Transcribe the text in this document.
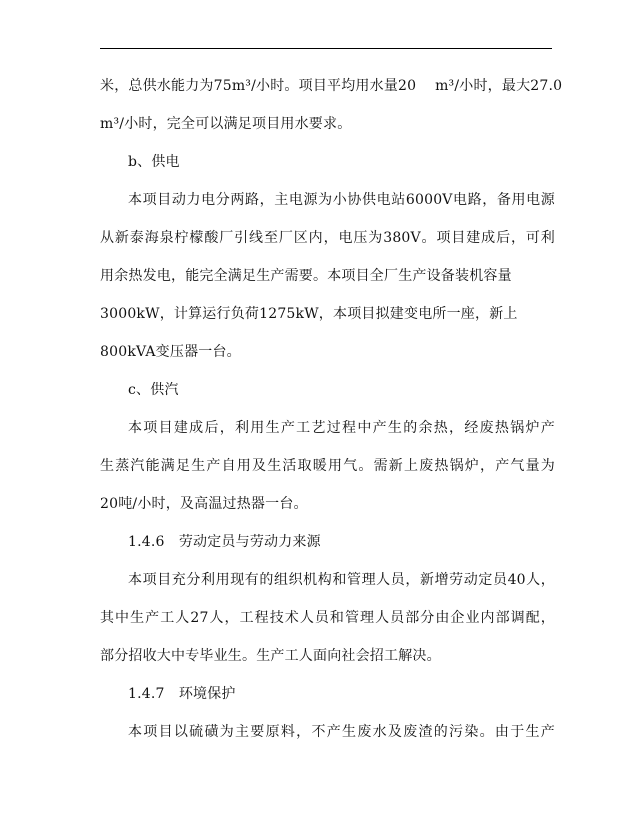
米，总供水能力为75m³/小时。项目平均用水量20　 m³/小时，最大27.0
m³/小时，完全可以满足项目用水要求。
b、供电
本项目动力电分两路，主电源为小协供电站6000V电路，备用电源
从新泰海泉柠檬酸厂引线至厂区内，电压为380V。项目建成后，可利
用余热发电，能完全满足生产需要。本项目全厂生产设备装机容量
3000kW，计算运行负荷1275kW，本项目拟建变电所一座，新上
800kVA变压器一台。
c、供汽
本项目建成后，利用生产工艺过程中产生的余热，经废热锅炉产
生蒸汽能满足生产自用及生活取暖用气。需新上废热锅炉，产气量为
20吨/小时，及高温过热器一台。
1.4.6　劳动定员与劳动力来源
本项目充分利用现有的组织机构和管理人员，新增劳动定员40人，
其中生产工人27人，工程技术人员和管理人员部分由企业内部调配，
部分招收大中专毕业生。生产工人面向社会招工解决。
1.4.7　环境保护
本项目以硫磺为主要原料，不产生废水及废渣的污染。由于生产
